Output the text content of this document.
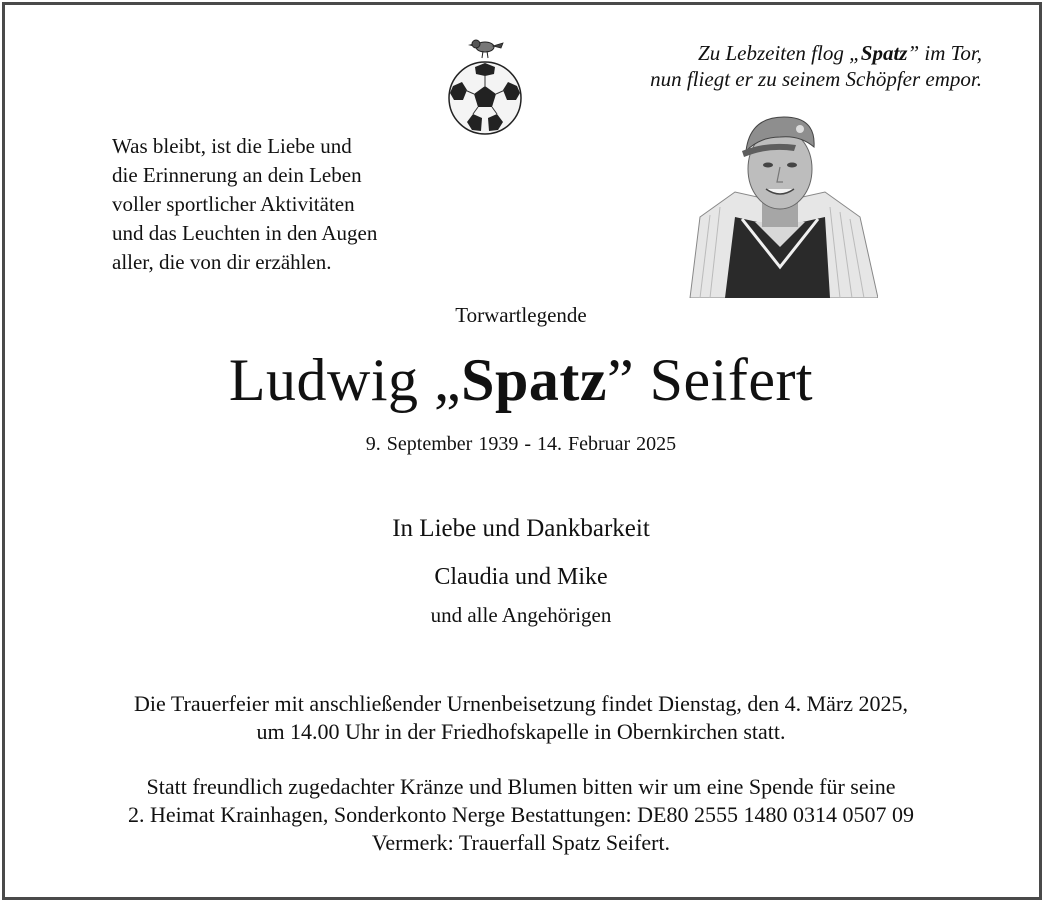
Zu Lebzeiten flog „Spatz” im Tor,
nun fliegt er zu seinem Schöpfer empor.
Was bleibt, ist die Liebe und
die Erinnerung an dein Leben
voller sportlicher Aktivitäten
und das Leuchten in den Augen
aller, die von dir erzählen.
Torwartlegende
Ludwig „Spatz” Seifert
9. September 1939 - 14. Februar 2025
In Liebe und Dankbarkeit
Claudia und Mike
und alle Angehörigen
Die Trauerfeier mit anschließender Urnenbeisetzung findet Dienstag, den 4. März 2025,
um 14.00 Uhr in der Friedhofskapelle in Obernkirchen statt.
Statt freundlich zugedachter Kränze und Blumen bitten wir um eine Spende für seine
2. Heimat Krainhagen, Sonderkonto Nerge Bestattungen: DE80 2555 1480 0314 0507 09
Vermerk: Trauerfall Spatz Seifert.
